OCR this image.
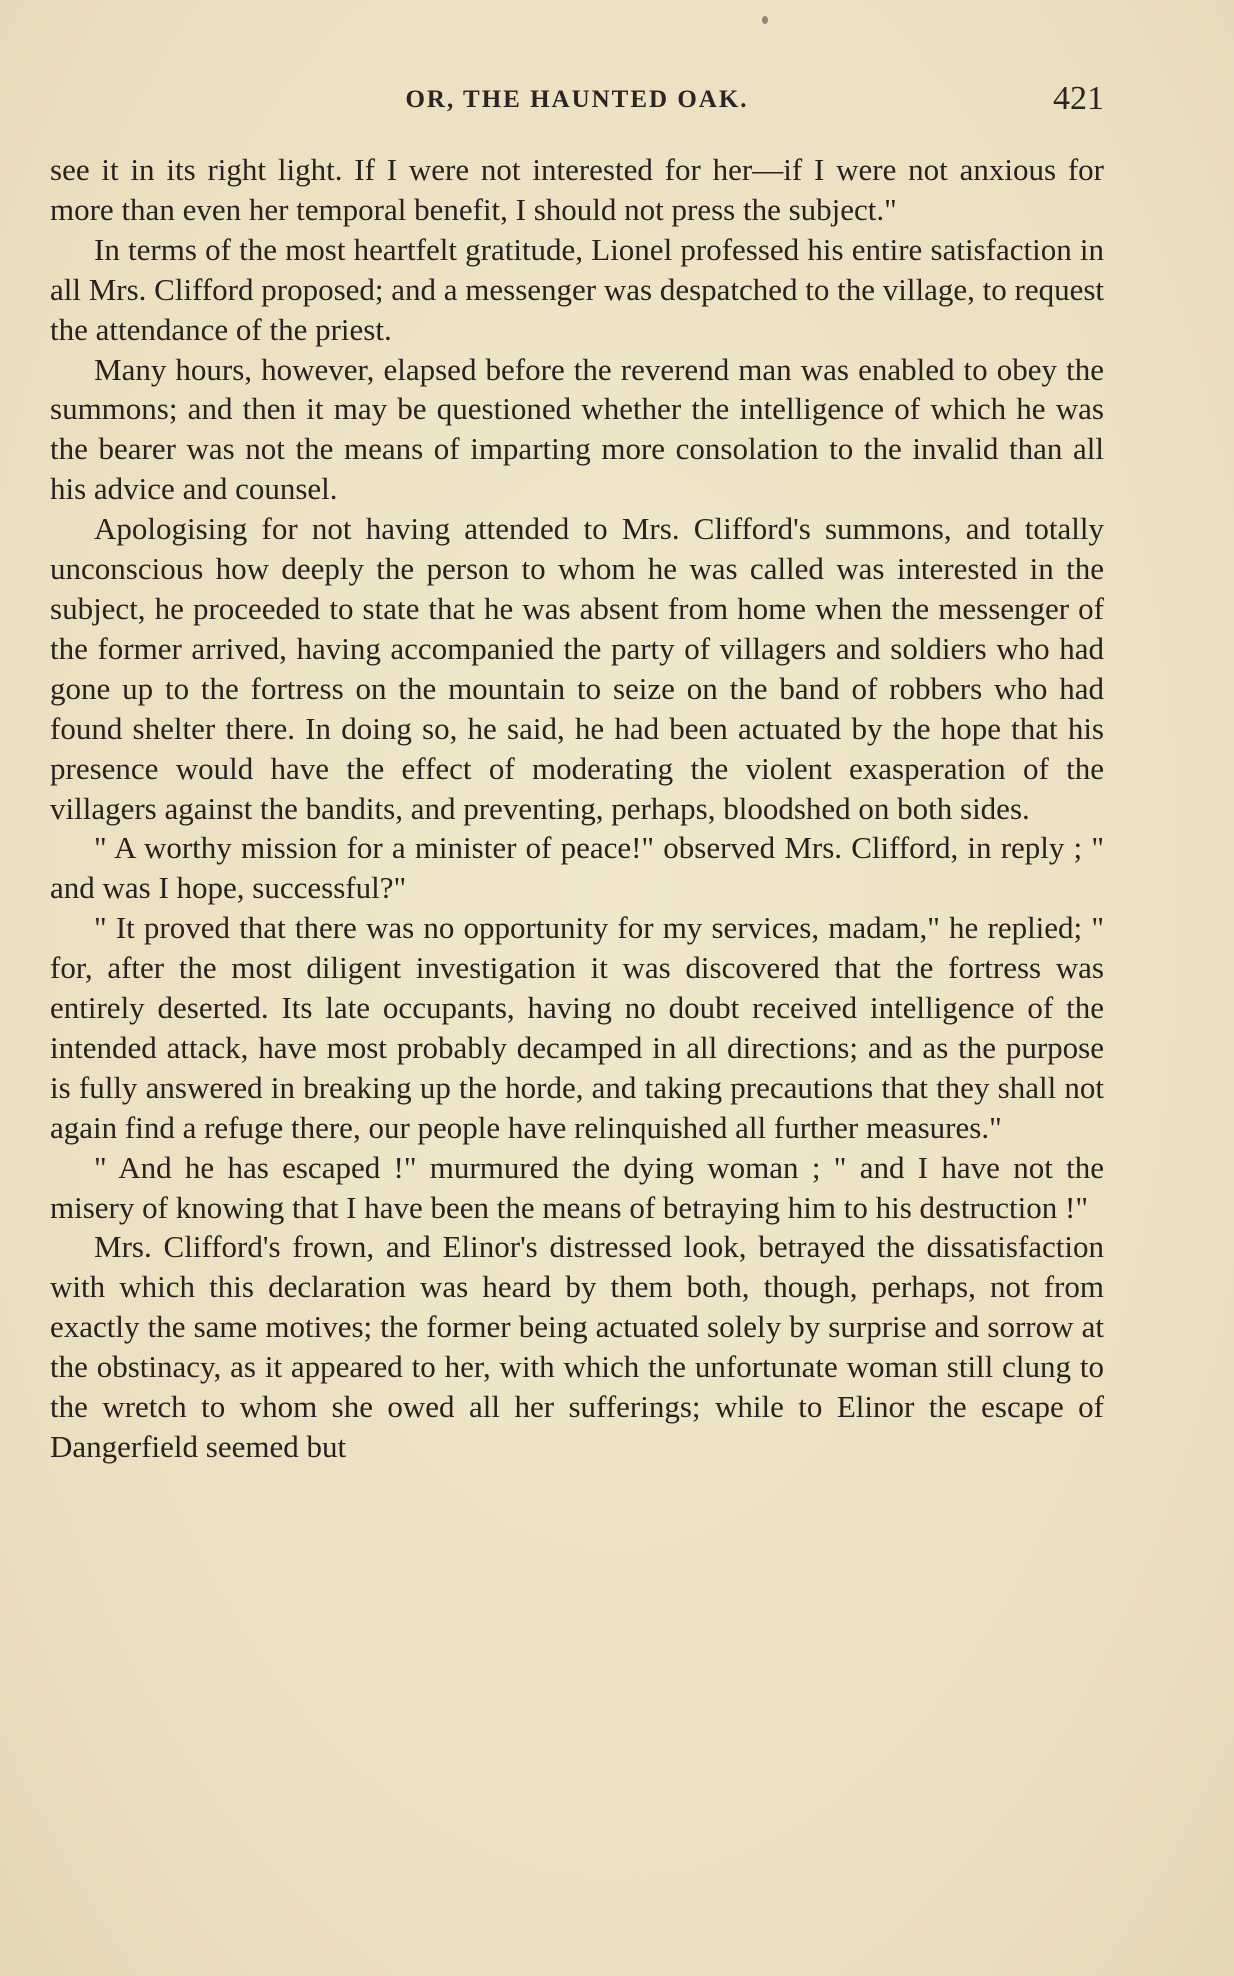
OR, THE HAUNTED OAK.	421

see it in its right light. If I were not interested for her—if I were not anxious for more than even her temporal benefit, I should not press the subject."

In terms of the most heartfelt gratitude, Lionel professed his entire satisfaction in all Mrs. Clifford proposed; and a messenger was despatched to the village, to request the attendance of the priest.

Many hours, however, elapsed before the reverend man was enabled to obey the summons; and then it may be questioned whether the intelligence of which he was the bearer was not the means of imparting more consolation to the invalid than all his advice and counsel.

Apologising for not having attended to Mrs. Clifford's summons, and totally unconscious how deeply the person to whom he was called was interested in the subject, he proceeded to state that he was absent from home when the messenger of the former arrived, having accompanied the party of villagers and soldiers who had gone up to the fortress on the mountain to seize on the band of robbers who had found shelter there. In doing so, he said, he had been actuated by the hope that his presence would have the effect of moderating the violent exasperation of the villagers against the bandits, and preventing, perhaps, bloodshed on both sides.

" A worthy mission for a minister of peace!" observed Mrs. Clifford, in reply ; " and was I hope, successful?"

" It proved that there was no opportunity for my services, madam," he replied; " for, after the most diligent investigation it was discovered that the fortress was entirely deserted. Its late occupants, having no doubt received intelligence of the intended attack, have most probably decamped in all directions; and as the purpose is fully answered in breaking up the horde, and taking precautions that they shall not again find a refuge there, our people have relinquished all further measures."

" And he has escaped !" murmured the dying woman ; " and I have not the misery of knowing that I have been the means of betraying him to his destruction !"

Mrs. Clifford's frown, and Elinor's distressed look, betrayed the dissatisfaction with which this declaration was heard by them both, though, perhaps, not from exactly the same motives; the former being actuated solely by surprise and sorrow at the obstinacy, as it appeared to her, with which the unfortunate woman still clung to the wretch to whom she owed all her sufferings; while to Elinor the escape of Dangerfield seemed but
